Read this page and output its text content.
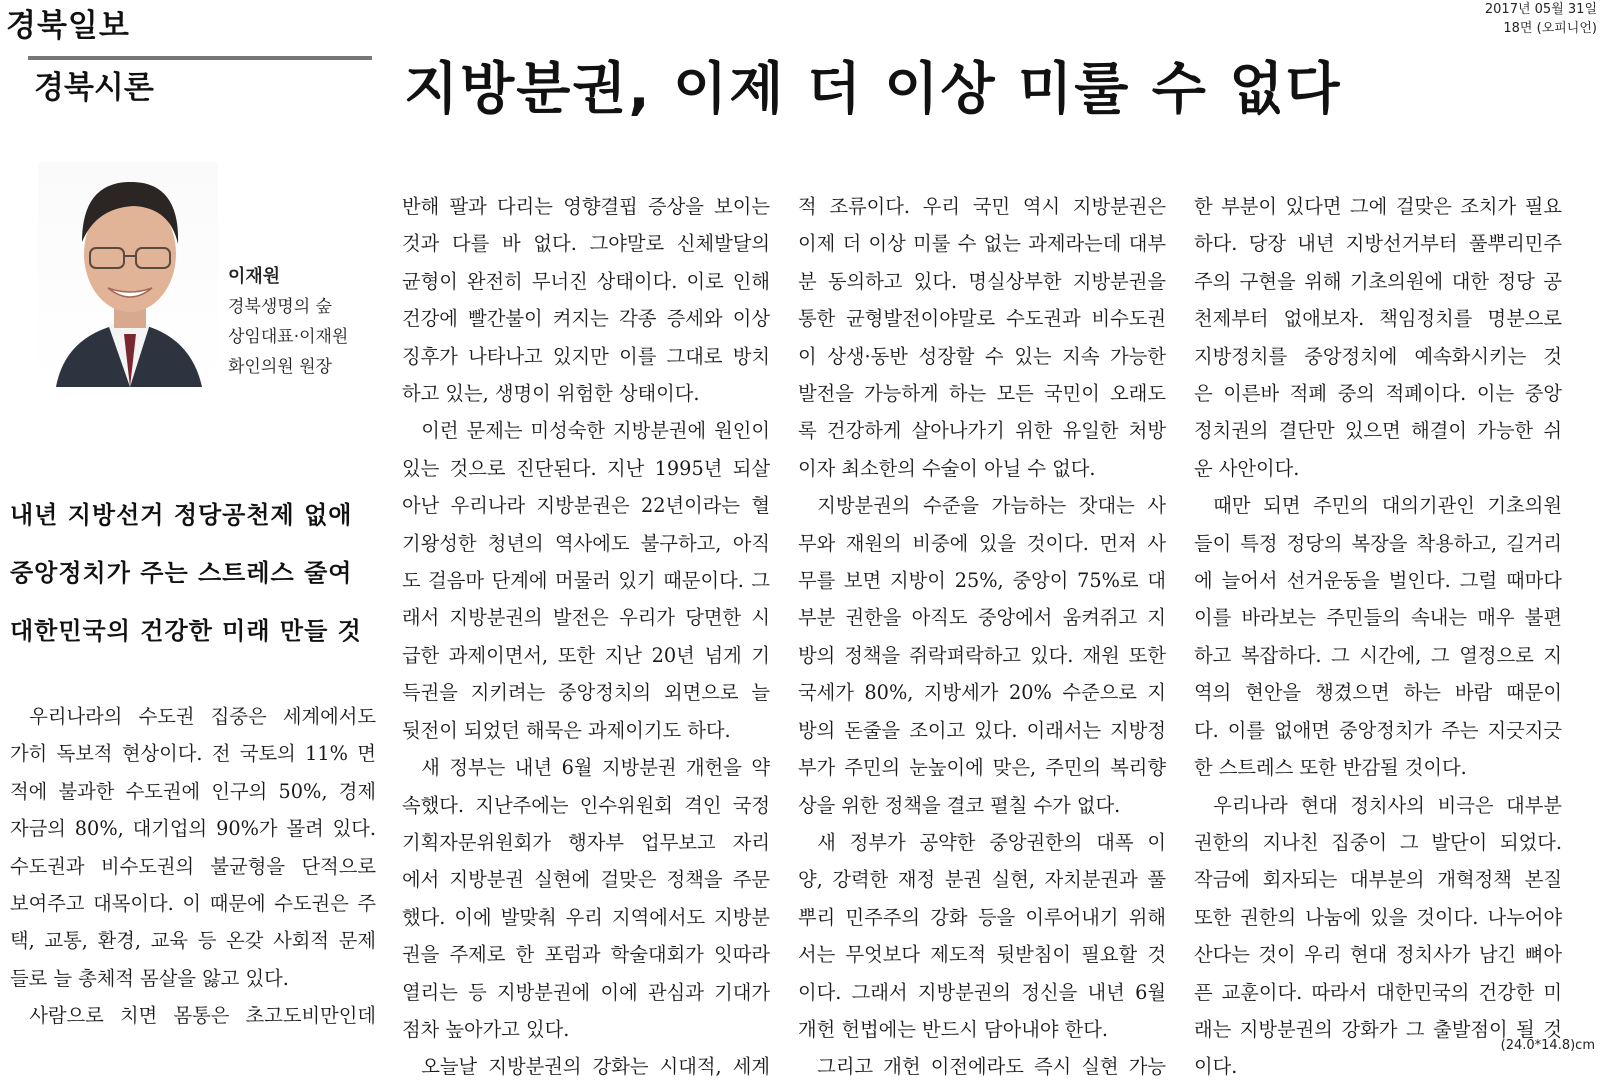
경북일보	2017년 05월 31일
18면 (오피니언)
경북시론	지방분권, 이제 더 이상 미룰 수 없다
이재원
경북생명의 숲
상임대표·이재원
화인의원 원장
내년 지방선거 정당공천제 없애
중앙정치가 주는 스트레스 줄여
대한민국의 건강한 미래 만들 것

우리나라의 수도권 집중은 세계에서도

가히 독보적 현상이다. 전 국토의 11% 면

적에 불과한 수도권에 인구의 50%, 경제

자금의 80%, 대기업의 90%가 몰려 있다.

수도권과 비수도권의 불균형을 단적으로

보여주고 대목이다. 이 때문에 수도권은 주

택, 교통, 환경, 교육 등 온갖 사회적 문제

들로 늘 총체적 몸살을 앓고 있다.

사람으로 치면 몸통은 초고도비만인데

반해 팔과 다리는 영향결핍 증상을 보이는

것과 다를 바 없다. 그야말로 신체발달의

균형이 완전히 무너진 상태이다. 이로 인해

건강에 빨간불이 켜지는 각종 증세와 이상

징후가 나타나고 있지만 이를 그대로 방치

하고 있는, 생명이 위험한 상태이다.

이런 문제는 미성숙한 지방분권에 원인이

있는 것으로 진단된다. 지난 1995년 되살

아난 우리나라 지방분권은 22년이라는 혈

기왕성한 청년의 역사에도 불구하고, 아직

도 걸음마 단계에 머물러 있기 때문이다. 그

래서 지방분권의 발전은 우리가 당면한 시

급한 과제이면서, 또한 지난 20년 넘게 기

득권을 지키려는 중앙정치의 외면으로 늘

뒷전이 되었던 해묵은 과제이기도 하다.

새 정부는 내년 6월 지방분권 개헌을 약

속했다. 지난주에는 인수위원회 격인 국정

기획자문위원회가 행자부 업무보고 자리

에서 지방분권 실현에 걸맞은 정책을 주문

했다. 이에 발맞춰 우리 지역에서도 지방분

권을 주제로 한 포럼과 학술대회가 잇따라

열리는 등 지방분권에 이에 관심과 기대가

점차 높아가고 있다.

오늘날 지방분권의 강화는 시대적, 세계

적 조류이다. 우리 국민 역시 지방분권은

이제 더 이상 미룰 수 없는 과제라는데 대부

분 동의하고 있다. 명실상부한 지방분권을

통한 균형발전이야말로 수도권과 비수도권

이 상생·동반 성장할 수 있는 지속 가능한

발전을 가능하게 하는 모든 국민이 오래도

록 건강하게 살아나가기 위한 유일한 처방

이자 최소한의 수술이 아닐 수 없다.

지방분권의 수준을 가늠하는 잣대는 사

무와 재원의 비중에 있을 것이다. 먼저 사

무를 보면 지방이 25%, 중앙이 75%로 대

부분 권한을 아직도 중앙에서 움켜쥐고 지

방의 정책을 쥐락펴락하고 있다. 재원 또한

국세가 80%, 지방세가 20% 수준으로 지

방의 돈줄을 조이고 있다. 이래서는 지방정

부가 주민의 눈높이에 맞은, 주민의 복리향

상을 위한 정책을 결코 펼칠 수가 없다.

새 정부가 공약한 중앙권한의 대폭 이

양, 강력한 재정 분권 실현, 자치분권과 풀

뿌리 민주주의 강화 등을 이루어내기 위해

서는 무엇보다 제도적 뒷받침이 필요할 것

이다. 그래서 지방분권의 정신을 내년 6월

개헌 헌법에는 반드시 담아내야 한다.

그리고 개헌 이전에라도 즉시 실현 가능

한 부분이 있다면 그에 걸맞은 조치가 필요

하다. 당장 내년 지방선거부터 풀뿌리민주

주의 구현을 위해 기초의원에 대한 정당 공

천제부터 없애보자. 책임정치를 명분으로

지방정치를 중앙정치에 예속화시키는 것

은 이른바 적폐 중의 적폐이다. 이는 중앙

정치권의 결단만 있으면 해결이 가능한 쉬

운 사안이다.

때만 되면 주민의 대의기관인 기초의원

들이 특정 정당의 복장을 착용하고, 길거리

에 늘어서 선거운동을 벌인다. 그럴 때마다

이를 바라보는 주민들의 속내는 매우 불편

하고 복잡하다. 그 시간에, 그 열정으로 지

역의 현안을 챙겼으면 하는 바람 때문이

다. 이를 없애면 중앙정치가 주는 지긋지긋

한 스트레스 또한 반감될 것이다.

우리나라 현대 정치사의 비극은 대부분

권한의 지나친 집중이 그 발단이 되었다.

작금에 회자되는 대부분의 개혁정책 본질

또한 권한의 나눔에 있을 것이다. 나누어야

산다는 것이 우리 현대 정치사가 남긴 뼈아

픈 교훈이다. 따라서 대한민국의 건강한 미

래는 지방분권의 강화가 그 출발점이 될 것

이다.

(24.0*14.8)cm
